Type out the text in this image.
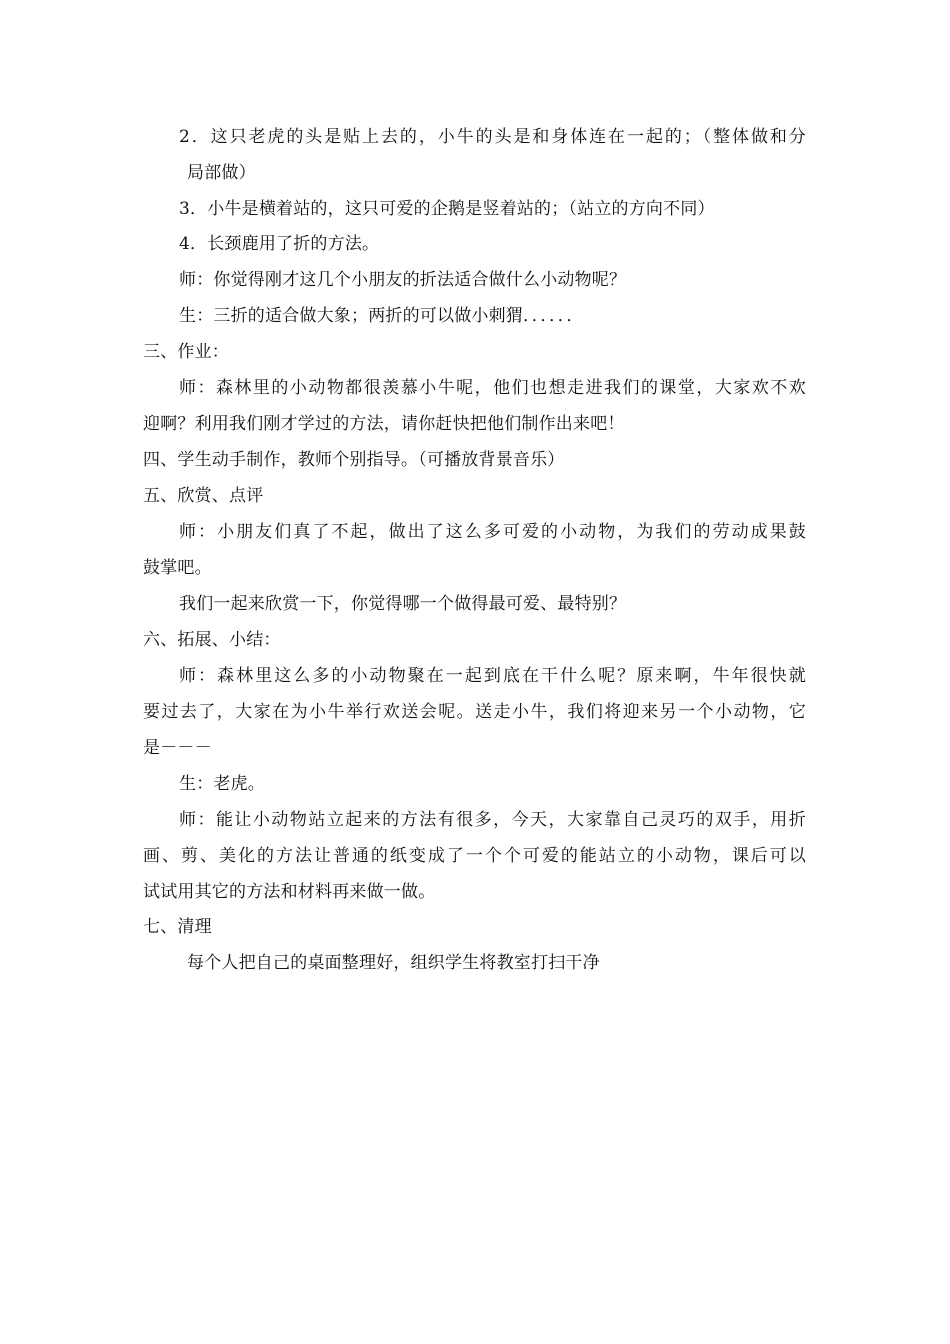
2．这只老虎的头是贴上去的，小牛的头是和身体连在一起的；（整体做和分
局部做）
3．小牛是横着站的，这只可爱的企鹅是竖着站的；（站立的方向不同）
4．长颈鹿用了折的方法。
师：你觉得刚才这几个小朋友的折法适合做什么小动物呢？
生：三折的适合做大象；两折的可以做小刺猬．．．．．．
三、作业：
师：森林里的小动物都很羡慕小牛呢，他们也想走进我们的课堂，大家欢不欢
迎啊？利用我们刚才学过的方法，请你赶快把他们制作出来吧！
四、学生动手制作，教师个别指导。（可播放背景音乐）
五、欣赏、点评
师：小朋友们真了不起，做出了这么多可爱的小动物，为我们的劳动成果鼓
鼓掌吧。
我们一起来欣赏一下，你觉得哪一个做得最可爱、最特别？
六、拓展、小结：
师：森林里这么多的小动物聚在一起到底在干什么呢？原来啊，牛年很快就
要过去了，大家在为小牛举行欢送会呢。送走小牛，我们将迎来另一个小动物，它
是－－－
生：老虎。
师：能让小动物站立起来的方法有很多，今天，大家靠自己灵巧的双手，用折
画、剪、美化的方法让普通的纸变成了一个个可爱的能站立的小动物，课后可以
试试用其它的方法和材料再来做一做。
七、清理
每个人把自己的桌面整理好，组织学生将教室打扫干净
